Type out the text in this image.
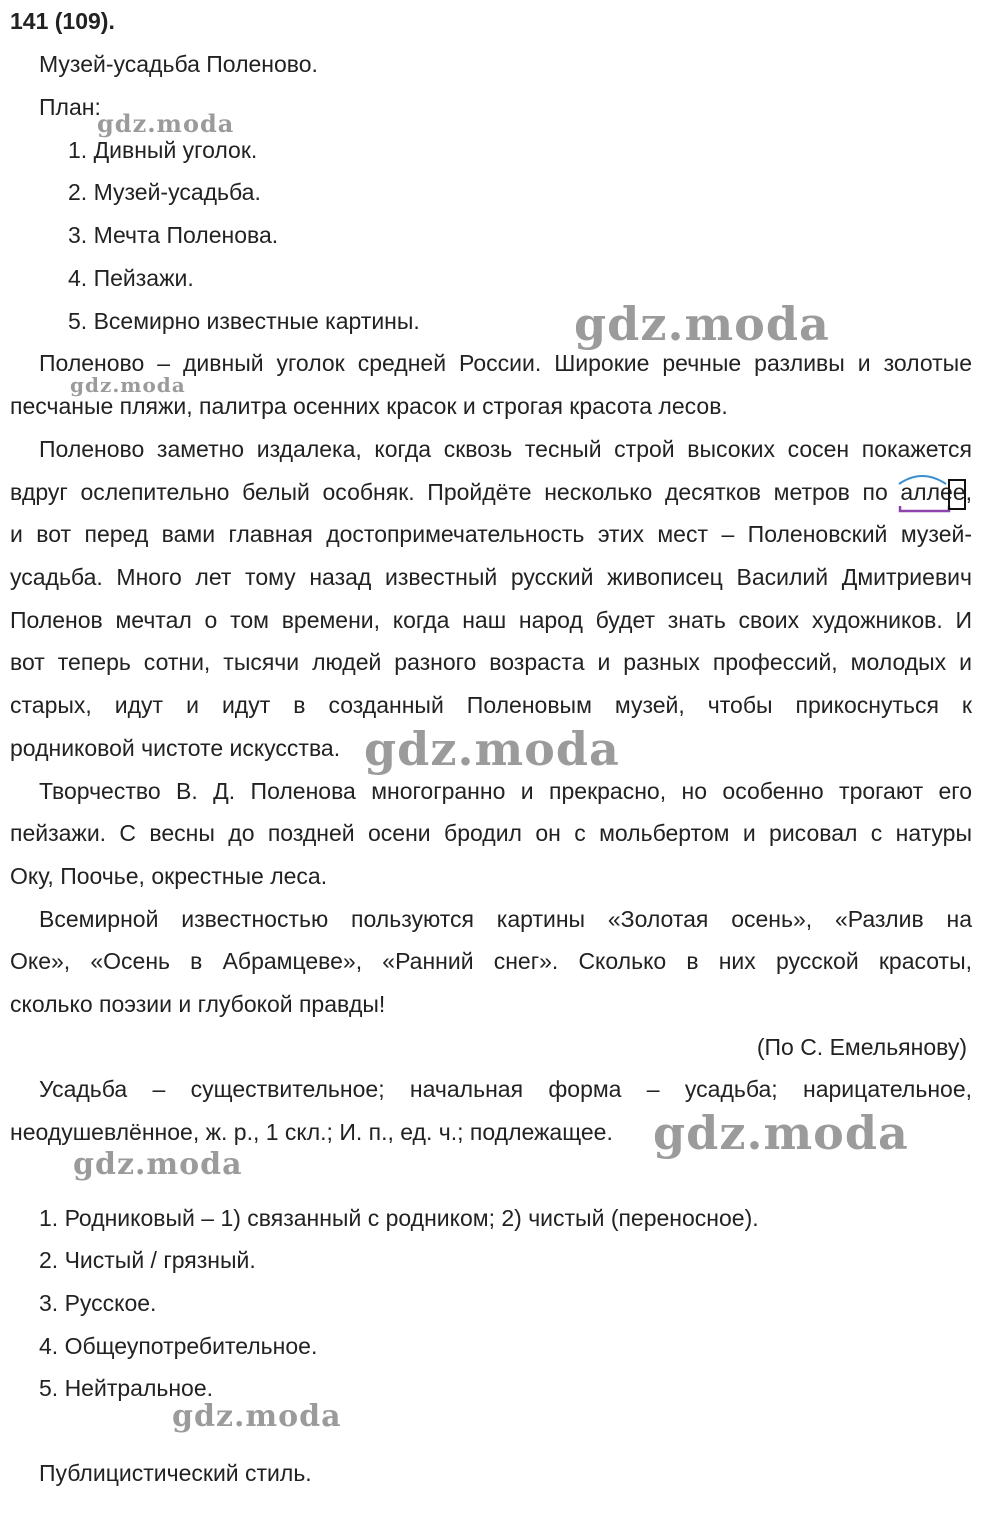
141 (109).
Музей-усадьба Поленово.
План:
1. Дивный уголок.
2. Музей-усадьба.
3. Мечта Поленова.
4. Пейзажи.
5. Всемирно известные картины.
Поленово – дивный уголок средней России. Широкие речные разливы и золотые
песчаные пляжи, палитра осенних красок и строгая красота лесов.
Поленово заметно издалека, когда сквозь тесный строй высоких сосен покажется
вдруг ослепительно белый особняк. Пройдёте несколько десятков метров по аллее,
и вот перед вами главная достопримечательность этих мест – Поленовский музей-
усадьба. Много лет тому назад известный русский живописец Василий Дмитриевич
Поленов мечтал о том времени, когда наш народ будет знать своих художников. И
вот теперь сотни, тысячи людей разного возраста и разных профессий, молодых и
старых, идут и идут в созданный Поленовым музей, чтобы прикоснуться к
родниковой чистоте искусства.
Творчество В. Д. Поленова многогранно и прекрасно, но особенно трогают его
пейзажи. С весны до поздней осени бродил он с мольбертом и рисовал с натуры
Оку, Поочье, окрестные леса.
Всемирной известностью пользуются картины «Золотая осень», «Разлив на
Оке», «Осень в Абрамцеве», «Ранний снег». Сколько в них русской красоты,
сколько поэзии и глубокой правды!
(По С. Емельянову)
Усадьба – существительное; начальная форма – усадьба; нарицательное,
неодушевлённое, ж. р., 1 скл.; И. п., ед. ч.; подлежащее.
1. Родниковый – 1) связанный с родником; 2) чистый (переносное).
2. Чистый / грязный.
3. Русское.
4. Общеупотребительное.
5. Нейтральное.
Публицистический стиль.
gdz.moda
gdz.moda
gdz.moda
gdz.moda
gdz.moda
gdz.moda
gdz.moda
